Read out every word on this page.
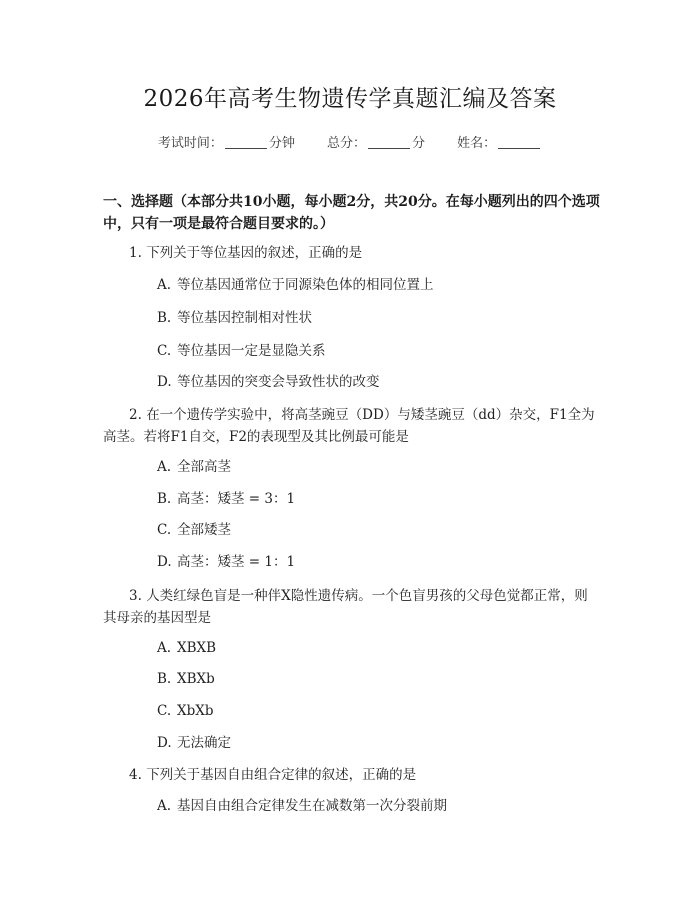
2026年高考生物遗传学真题汇编及答案
考试时间：	分钟 总分：	分 姓名：
一、选择题（本部分共10小题，每小题2分，共20分。在每小题列出的四个选项中，只有一项是最符合题目要求的。）
1. 下列关于等位基因的叙述，正确的是
A. 等位基因通常位于同源染色体的相同位置上
B. 等位基因控制相对性状
C. 等位基因一定是显隐关系
D. 等位基因的突变会导致性状的改变
2. 在一个遗传学实验中，将高茎豌豆（DD）与矮茎豌豆（dd）杂交，F1全为高茎。若将F1自交，F2的表现型及其比例最可能是
A. 全部高茎
B. 高茎：矮茎 = 3：1
C. 全部矮茎
D. 高茎：矮茎 = 1：1
3. 人类红绿色盲是一种伴X隐性遗传病。一个色盲男孩的父母色觉都正常，则其母亲的基因型是
A. XBXB
B. XBXb
C. XbXb
D. 无法确定
4. 下列关于基因自由组合定律的叙述，正确的是
A. 基因自由组合定律发生在减数第一次分裂前期
